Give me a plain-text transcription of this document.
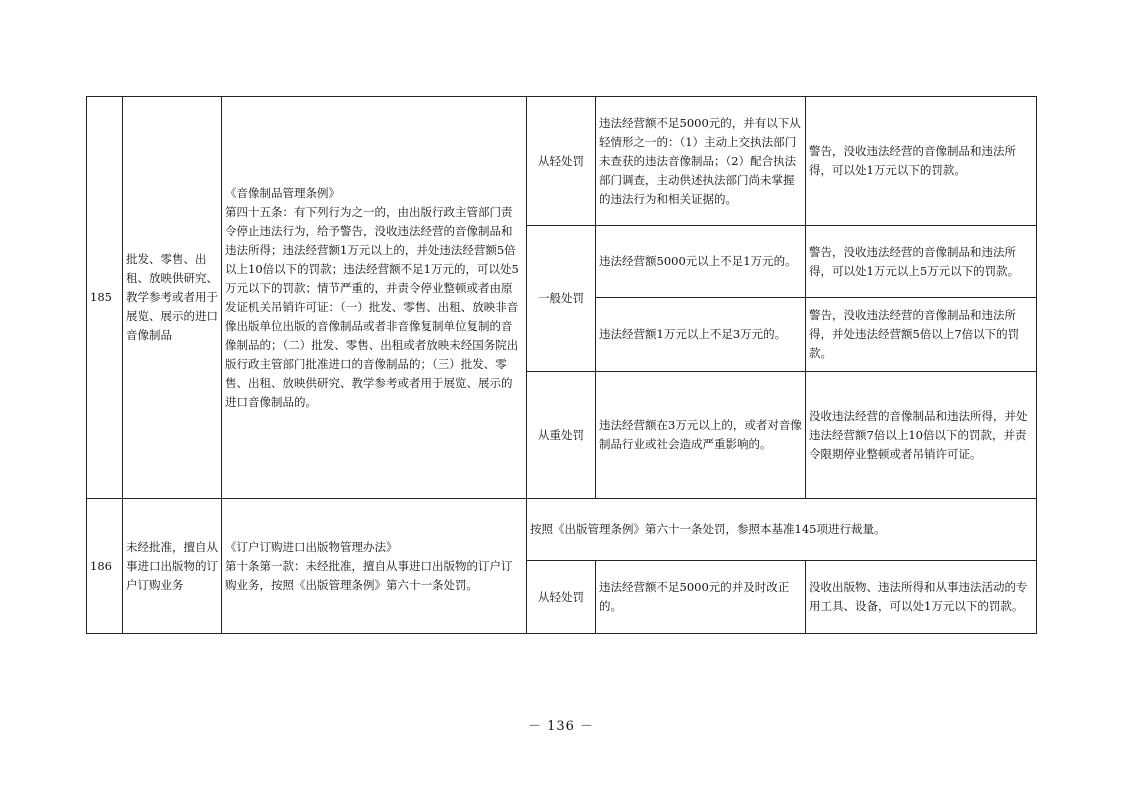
185	批发、零售、出租、放映供研究、教学参考或者用于展览、展示的进口音像制品	《音像制品管理条例》
第四十五条：有下列行为之一的，由出版行政主管部门责令停止违法行为，给予警告，没收违法经营的音像制品和违法所得；违法经营额1万元以上的，并处违法经营额5倍以上10倍以下的罚款；违法经营额不足1万元的，可以处5万元以下的罚款；情节严重的，并责令停业整顿或者由原发证机关吊销许可证：（一）批发、零售、出租、放映非音像出版单位出版的音像制品或者非音像复制单位复制的音像制品的；（二）批发、零售、出租或者放映未经国务院出版行政主管部门批准进口的音像制品的；（三）批发、零售、出租、放映供研究、教学参考或者用于展览、展示的进口音像制品的。	从轻处罚	违法经营额不足5000元的，并有以下从轻情形之一的：（1）主动上交执法部门未查获的违法音像制品；（2）配合执法部门调查，主动供述执法部门尚未掌握的违法行为和相关证据的。	警告，没收违法经营的音像制品和违法所得，可以处1万元以下的罚款。
			一般处罚	违法经营额5000元以上不足1万元的。	警告，没收违法经营的音像制品和违法所得，可以处1万元以上5万元以下的罚款。
				违法经营额1万元以上不足3万元的。	警告，没收违法经营的音像制品和违法所得，并处违法经营额5倍以上7倍以下的罚款。
			从重处罚	违法经营额在3万元以上的，或者对音像制品行业或社会造成严重影响的。	没收违法经营的音像制品和违法所得，并处违法经营额7倍以上10倍以下的罚款，并责令限期停业整顿或者吊销许可证。
186	未经批准，擅自从事进口出版物的订户订购业务	《订户订购进口出版物管理办法》
第十条第一款：未经批准，擅自从事进口出版物的订户订购业务，按照《出版管理条例》第六十一条处罚。	按照《出版管理条例》第六十一条处罚，参照本基准145项进行裁量。		
			从轻处罚	违法经营额不足5000元的并及时改正的。	没收出版物、违法所得和从事违法活动的专用工具、设备，可以处1万元以下的罚款。
－ 136 －
